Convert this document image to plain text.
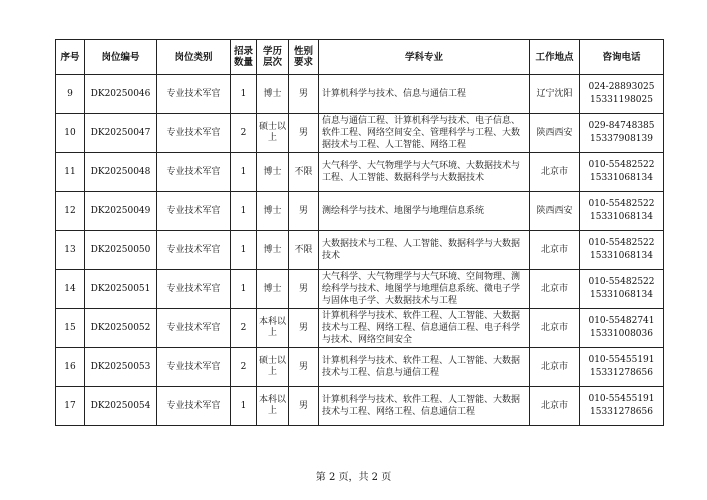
序号	岗位编号	岗位类别	招录数量	学历层次	性别要求	学科专业	工作地点	咨询电话
9	DK20250046	专业技术军官	1	博士	男	计算机科学与技术、信息与通信工程	辽宁沈阳	024-28893025
15331198025
10	DK20250047	专业技术军官	2	硕士以上	男	信息与通信工程、计算机科学与技术、电子信息、软件工程、网络空间安全、管理科学与工程、大数据技术与工程、人工智能、网络工程	陕西西安	029-84748385
15337908139
11	DK20250048	专业技术军官	1	博士	不限	大气科学、大气物理学与大气环境、大数据技术与工程、人工智能、数据科学与大数据技术	北京市	010-55482522
15331068134
12	DK20250049	专业技术军官	1	博士	男	测绘科学与技术、地图学与地理信息系统	陕西西安	010-55482522
15331068134
13	DK20250050	专业技术军官	1	博士	不限	大数据技术与工程、人工智能、数据科学与大数据技术	北京市	010-55482522
15331068134
14	DK20250051	专业技术军官	1	博士	男	大气科学、大气物理学与大气环境、空间物理、测绘科学与技术、地图学与地理信息系统、微电子学与固体电子学、大数据技术与工程	北京市	010-55482522
15331068134
15	DK20250052	专业技术军官	2	本科以上	男	计算机科学与技术、软件工程、人工智能、大数据技术与工程、网络工程、信息通信工程、电子科学与技术、网络空间安全	北京市	010-55482741
15331008036
16	DK20250053	专业技术军官	2	硕士以上	男	计算机科学与技术、软件工程、人工智能、大数据技术与工程、信息与通信工程	北京市	010-55455191
15331278656
17	DK20250054	专业技术军官	1	本科以上	男	计算机科学与技术、软件工程、人工智能、大数据技术与工程、网络工程、信息通信工程	北京市	010-55455191
15331278656
第 2 页，共 2 页
